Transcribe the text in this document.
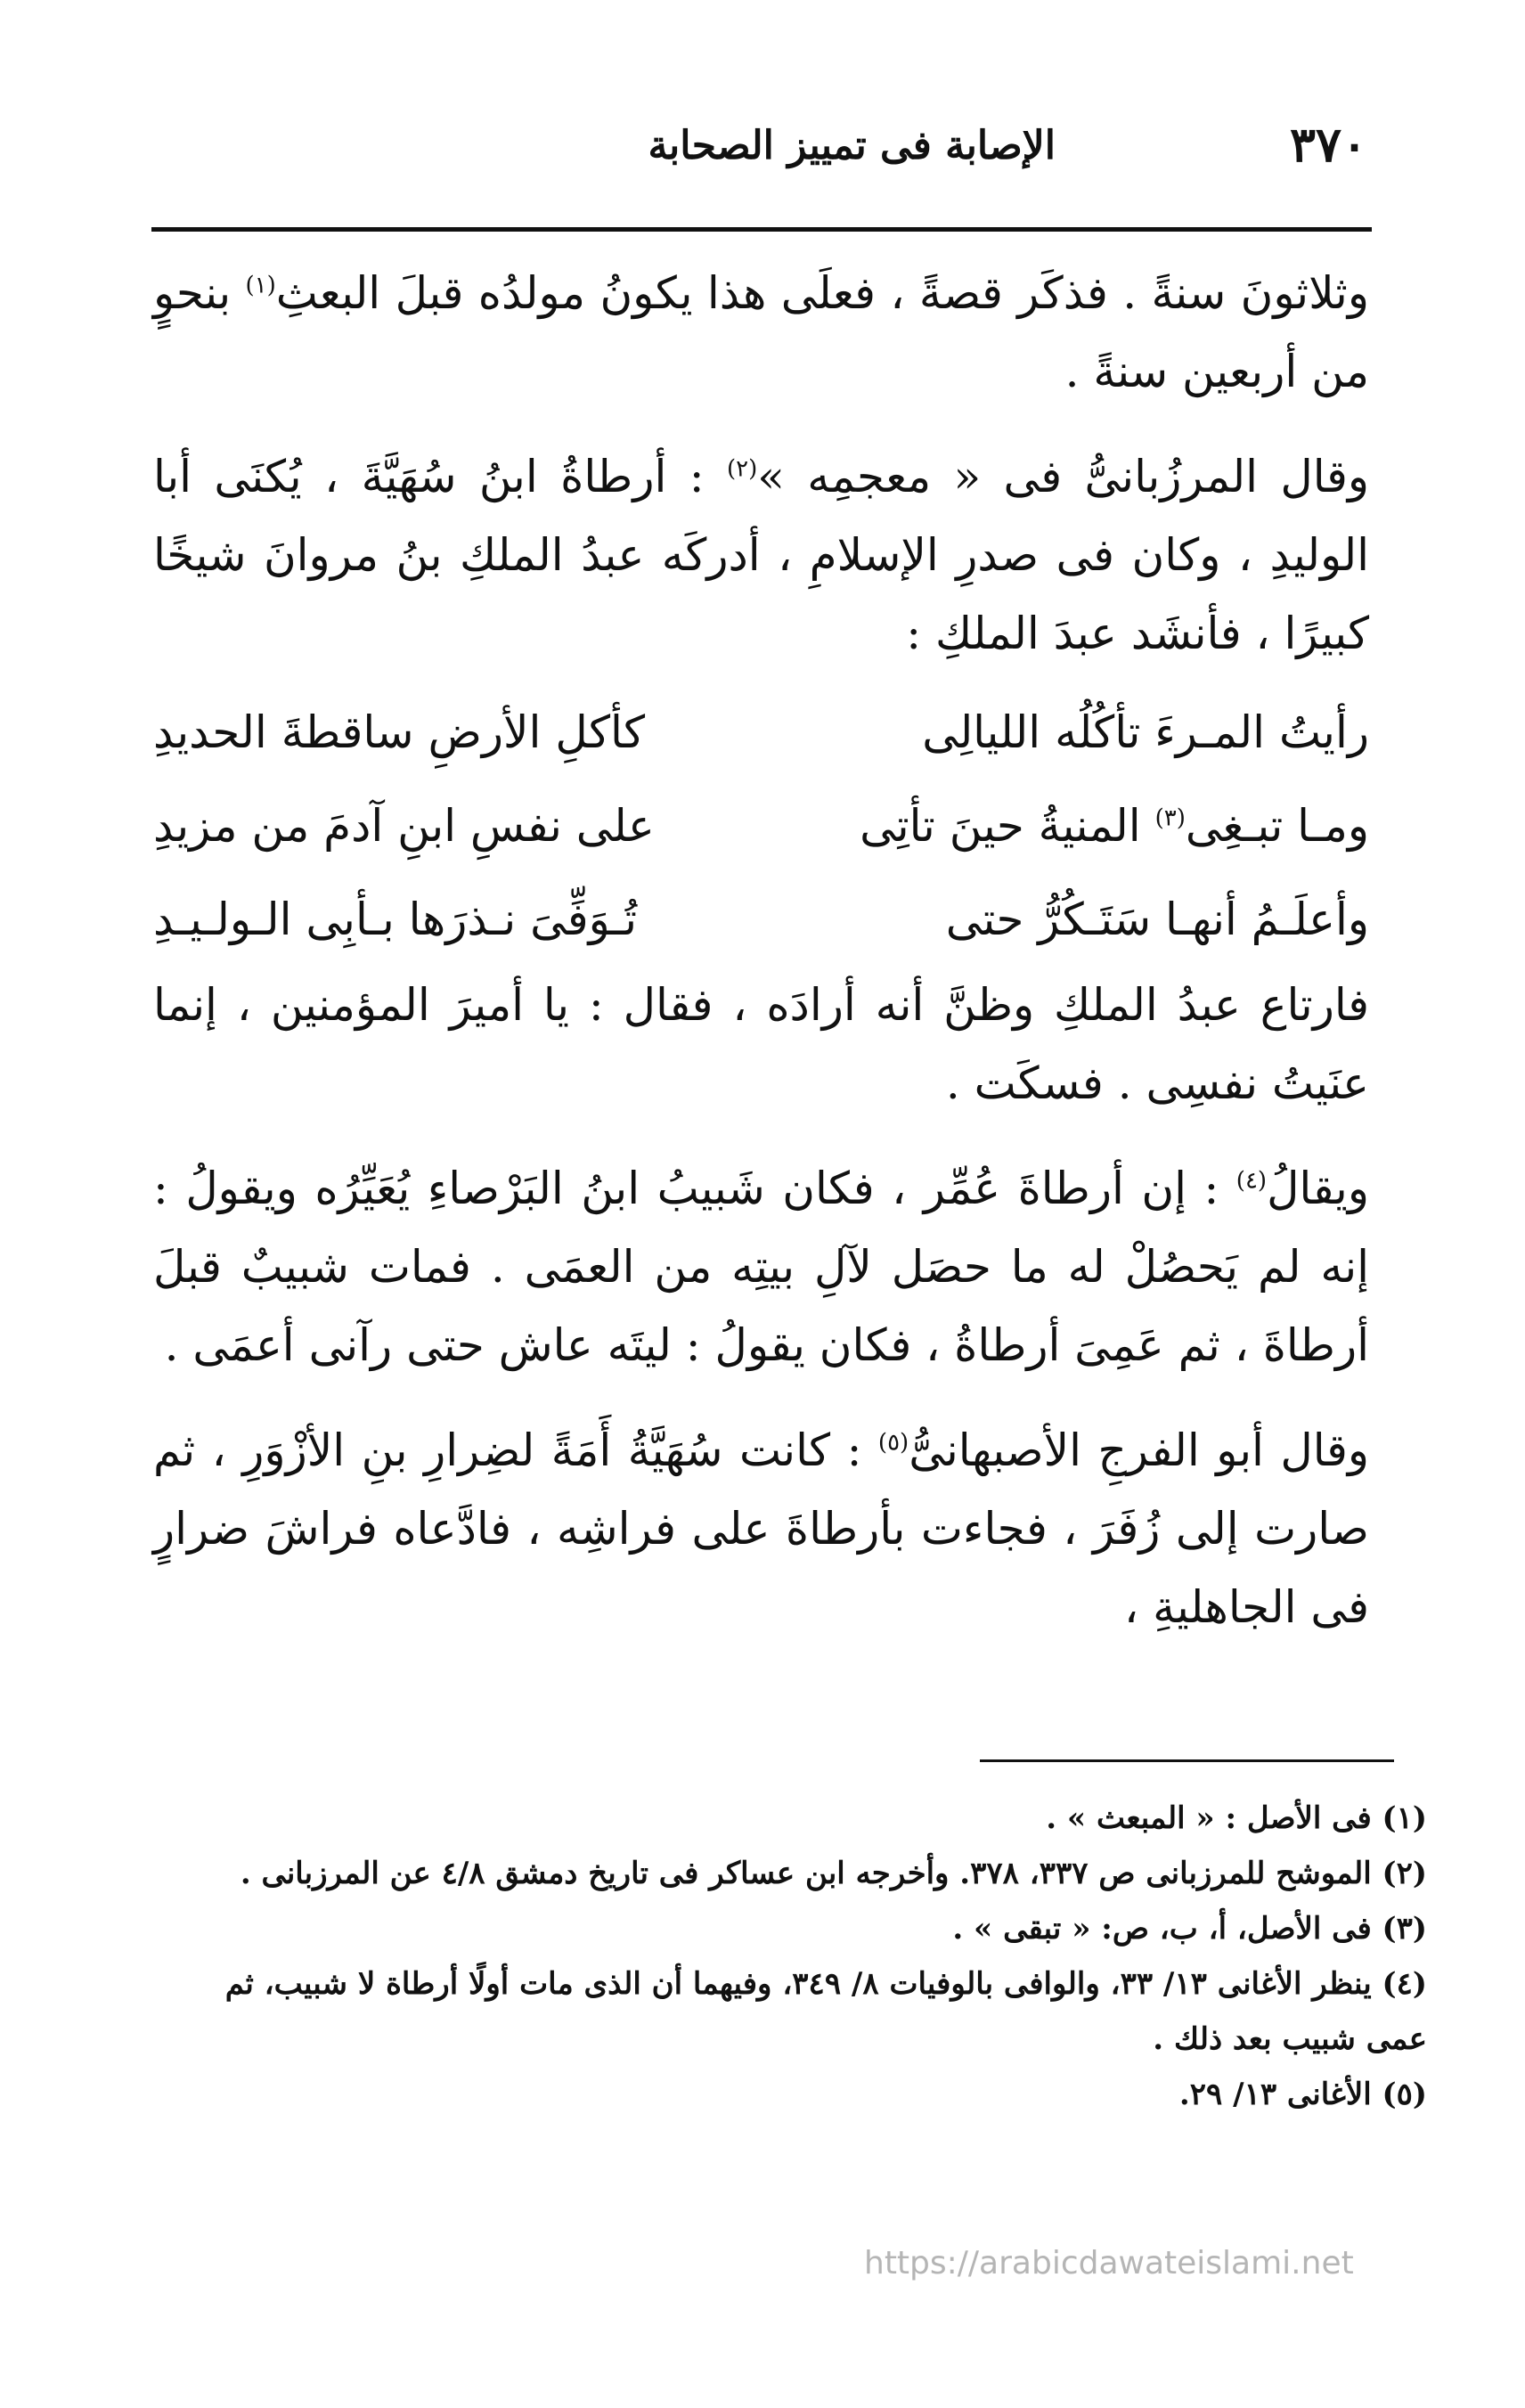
٣٧٠
الإصابة فى تمييز الصحابة

وثلاثونَ سنةً . فذكَر قصةً ، فعلَى هذا يكونُ مولدُه قبلَ البعثِ$^{(١)}$ بنحوٍ من أربعين سنةً .

وقال المرزُبانىُّ فى « معجمِه »$^{(٢)}$ : أرطاةُ ابنُ سُهَيَّةَ ، يُكنَى أبا الوليدِ ، وكان فى صدرِ الإسلامِ ، أدركَه عبدُ الملكِ بنُ مروانَ شيخًا كبيرًا ، فأنشَد عبدَ الملكِ :

رأيتُ المـرءَ تأكُلُه الليالِى
كأكلِ الأرضِ ساقطةَ الحديدِ
ومـا تبـغِى$^{(٣)}$ المنيةُ حينَ تأتِى
على نفسِ ابنِ آدمَ من مزيدِ
وأعلَـمُ أنهـا سَتَـكُرُّ حتى
تُـوَفِّىَ نـذرَها بـأبِى الـولـيـدِ

فارتاع عبدُ الملكِ وظنَّ أنه أرادَه ، فقال : يا أميرَ المؤمنين ، إنما عنَيتُ نفسِى . فسكَت .

ويقالُ$^{(٤)}$ : إن أرطاةَ عُمِّر ، فكان شَبيبُ ابنُ البَرْصاءِ يُعَيِّرُه ويقولُ : إنه لم يَحصُلْ له ما حصَل لآلِ بيتِه من العمَى . فمات شبيبٌ قبلَ أرطاةَ ، ثم عَمِىَ أرطاةُ ، فكان يقولُ : ليتَه عاش حتى رآنى أعمَى .

وقال أبو الفرجِ الأصبهانىُّ$^{(٥)}$ : كانت سُهَيَّةُ أَمَةً لضِرارِ بنِ الأزْوَرِ ، ثم صارت إلى زُفَرَ ، فجاءت بأرطاةَ على فراشِه ، فادَّعاه فراشَ ضرارٍ فى الجاهليةِ ،

(١) فى الأصل : « المبعث » .

(٢) الموشح للمرزبانى ص ٣٣٧، ٣٧٨. وأخرجه ابن عساكر فى تاريخ دمشق ٤/٨ عن المرزبانى .

(٣) فى الأصل، أ، ب، ص: « تبقى » .

(٤) ينظر الأغانى ١٣/ ٣٣، والوافى بالوفيات ٨/ ٣٤٩، وفيهما أن الذى مات أولًا أرطاة لا شبيب، ثم عمى شبيب بعد ذلك .

(٥) الأغانى ١٣/ ٢٩.

https://arabicdawateislami.net
